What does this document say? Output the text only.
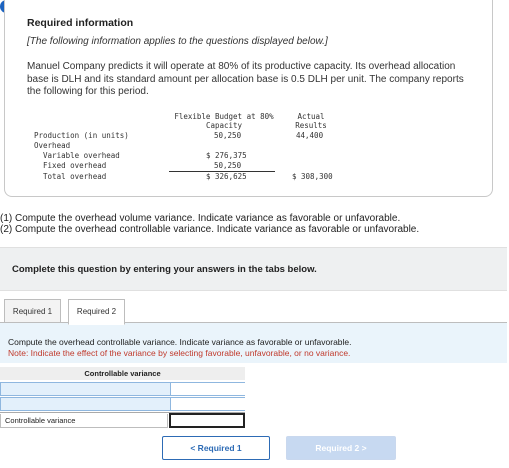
Required information
[The following information applies to the questions displayed below.]
Manuel Company predicts it will operate at 80% of its productive capacity. Its overhead allocation base is DLH and its standard amount per allocation base is 0.5 DLH per unit. The company reports the following for this period.
Flexible Budget at 80%
Capacity
Actual
Results
Production (in units)	50,250	44,400
Overhead
Variable overhead	$ 276,375
Fixed overhead	50,250
Total overhead	$ 326,625	$ 308,300
(1) Compute the overhead volume variance. Indicate variance as favorable or unfavorable.
(2) Compute the overhead controllable variance. Indicate variance as favorable or unfavorable.
Complete this question by entering your answers in the tabs below.
Required 1	Required 2
Compute the overhead controllable variance. Indicate variance as favorable or unfavorable.
Note: Indicate the effect of the variance by selecting favorable, unfavorable, or no variance.
Controllable variance
Controllable variance
< Required 1	Required 2 >
